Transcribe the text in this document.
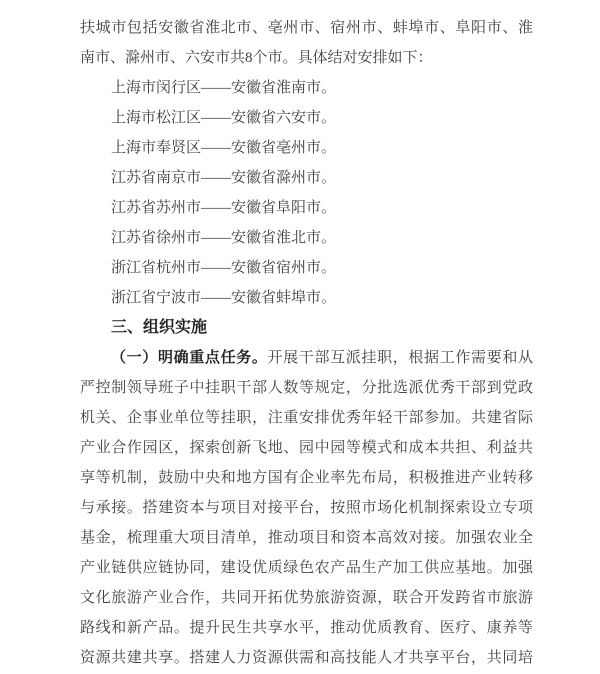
扶城市包括安徽省淮北市、亳州市、宿州市、蚌埠市、阜阳市、淮
南市、滁州市、六安市共8个市。具体结对安排如下：
上海市闵行区——安徽省淮南市。
上海市松江区——安徽省六安市。
上海市奉贤区——安徽省亳州市。
江苏省南京市——安徽省滁州市。
江苏省苏州市——安徽省阜阳市。
江苏省徐州市——安徽省淮北市。
浙江省杭州市——安徽省宿州市。
浙江省宁波市——安徽省蚌埠市。
三、组织实施
（一）明确重点任务。开展干部互派挂职，根据工作需要和从
严控制领导班子中挂职干部人数等规定，分批选派优秀干部到党政
机关、企事业单位等挂职，注重安排优秀年轻干部参加。共建省际
产业合作园区，探索创新飞地、园中园等模式和成本共担、利益共
享等机制，鼓励中央和地方国有企业率先布局，积极推进产业转移
与承接。搭建资本与项目对接平台，按照市场化机制探索设立专项
基金，梳理重大项目清单，推动项目和资本高效对接。加强农业全
产业链供应链协同，建设优质绿色农产品生产加工供应基地。加强
文化旅游产业合作，共同开拓优势旅游资源，联合开发跨省市旅游
路线和新产品。提升民生共享水平，推动优质教育、医疗、康养等
资源共建共享。搭建人力资源供需和高技能人才共享平台，共同培
